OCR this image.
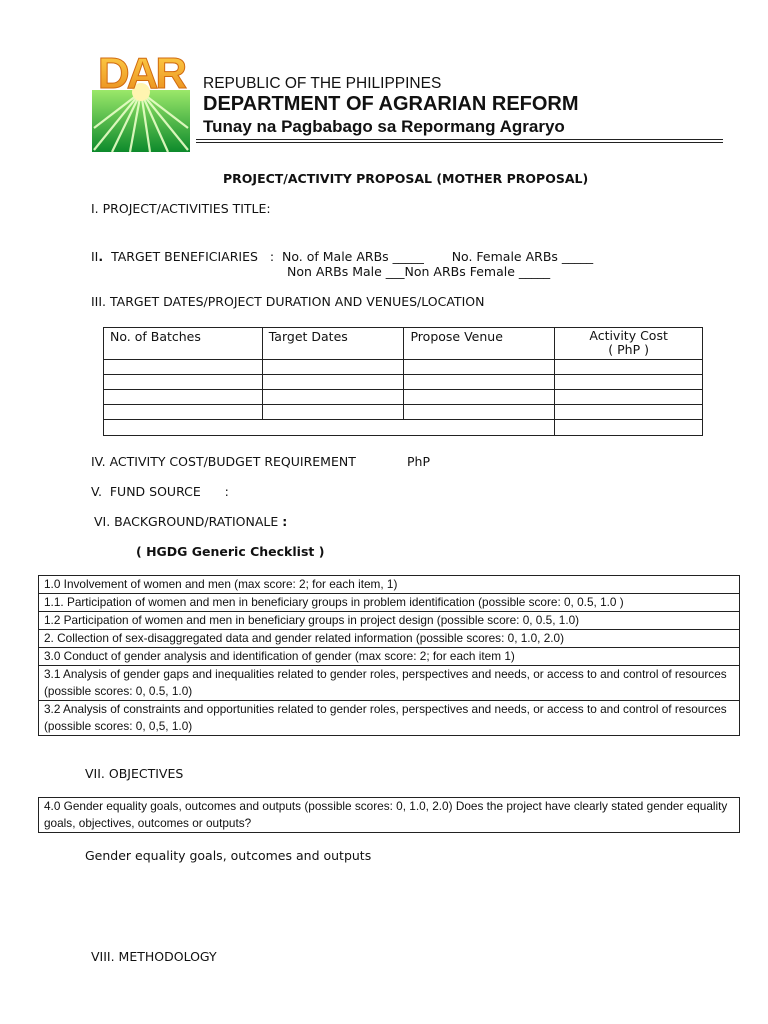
DAR REPUBLIC OF THE PHILIPPINES
DEPARTMENT OF AGRARIAN REFORM
Tunay na Pagbabago sa Repormang Agraryo
PROJECT/ACTIVITY PROPOSAL (MOTHER PROPOSAL)
I. PROJECT/ACTIVITIES TITLE:
II.  TARGET BENEFICIARIES   :  No. of Male ARBs _____       No. Female ARBs _____
Non ARBs Male ___Non ARBs Female _____
III. TARGET DATES/PROJECT DURATION AND VENUES/LOCATION
No. of Batches	Target Dates	Propose Venue	Activity Cost
( PhP )

IV. ACTIVITY COST/BUDGET REQUIREMENT	PhP
V.  FUND SOURCE      :
VI. BACKGROUND/RATIONALE :
( HGDG Generic Checklist )
1.0 Involvement of women and men (max score: 2; for each item, 1)
1.1. Participation of women and men in beneficiary groups in problem identification (possible score: 0, 0.5, 1.0 )
1.2 Participation of women and men in beneficiary groups in project design (possible score: 0, 0.5, 1.0)
2. Collection of sex-disaggregated data and gender related information (possible scores: 0, 1.0, 2.0)
3.0 Conduct of gender analysis and identification of gender (max score: 2; for each item 1)
3.1 Analysis of gender gaps and inequalities related to gender roles, perspectives and needs, or access to and control of resources (possible scores: 0, 0.5, 1.0)
3.2 Analysis of constraints and opportunities related to gender roles, perspectives and needs, or access to and control of resources (possible scores: 0, 0,5, 1.0)
VII. OBJECTIVES
4.0 Gender equality goals, outcomes and outputs (possible scores: 0, 1.0, 2.0) Does the project have clearly stated gender equality goals, objectives, outcomes or outputs?
Gender equality goals, outcomes and outputs
VIII. METHODOLOGY
